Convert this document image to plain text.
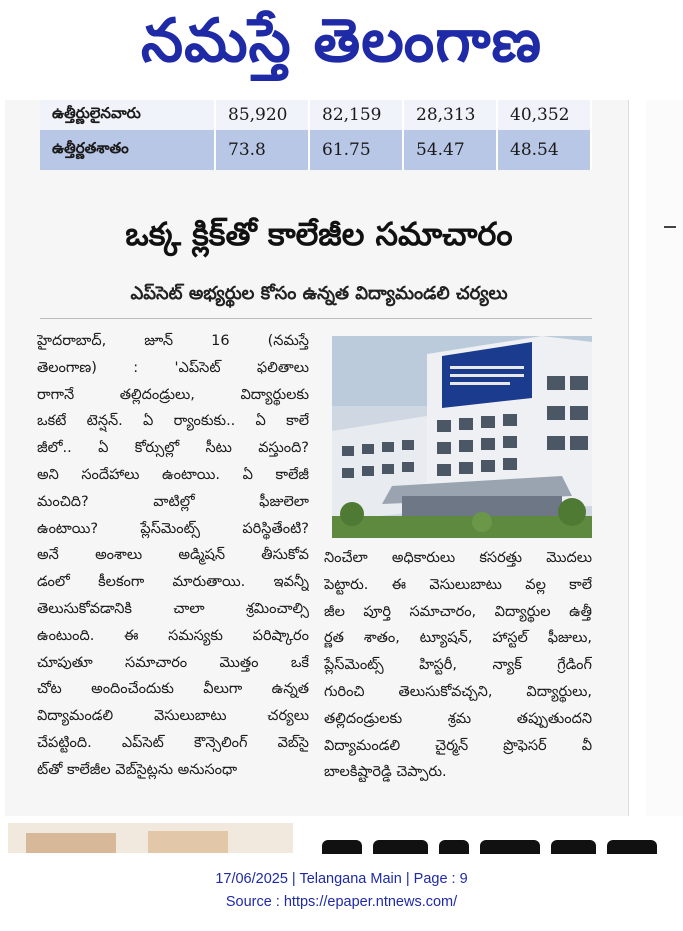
నమస్తే తెలంగాణ
ఉత్తీర్ణులైనవారు	85,920	82,159	28,313	40,352
ఉత్తీర్ణతశాతం	73.8	61.75	54.47	48.54
ఒక్క క్లిక్‌తో కాలేజీల సమాచారం
ఎప్‌సెట్ అభ్యర్థుల కోసం ఉన్నత విద్యామండలి చర్యలు

హైదరాబాద్, జూన్ 16 (నమస్తే

తెలంగాణ) : 'ఎప్‌సెట్ ఫలితాలు

రాగానే తల్లిదండ్రులు, విద్యార్థులకు

ఒకటే టెన్షన్. ఏ ర్యాంకుకు.. ఏ కాలే

జీలో.. ఏ కోర్సుల్లో సీటు వస్తుంది?

అని సందేహాలు ఉంటాయి. ఏ కాలేజీ

మంచిది? వాటిల్లో ఫీజులెలా

ఉంటాయి? ప్లేస్‌మెంట్స్ పరిస్థితేంటి?

అనే అంశాలు అడ్మిషన్ తీసుకోవ

డంలో కీలకంగా మారుతాయి. ఇవన్నీ

తెలుసుకోవడానికి చాలా శ్రమించాల్సి

ఉంటుంది. ఈ సమస్యకు పరిష్కారం

చూపుతూ సమాచారం మొత్తం ఒకే

చోట అందించేందుకు వీలుగా ఉన్నత

విద్యామండలి వెసులుబాటు చర్యలు

చేపట్టింది. ఎప్‌సెట్ కౌన్సెలింగ్ వెబ్‌సై

ట్‌తో కాలేజీల వెబ్‌సైట్లను అనుసంధా

నించేలా అధికారులు కసరత్తు మొదలు

పెట్టారు. ఈ వెసులుబాటు వల్ల కాలే

జీల పూర్తి సమాచారం, విద్యార్థుల ఉత్తీ

ర్ణత శాతం, ట్యూషన్, హాస్టల్ ఫీజులు,

ప్లేస్‌మెంట్స్ హిస్టరీ, న్యాక్ గ్రేడింగ్

గురించి తెలుసుకోవచ్చని, విద్యార్థులు,

తల్లిదండ్రులకు శ్రమ తప్పుతుందని

విద్యామండలి చైర్మన్ ప్రొఫెసర్ వీ

బాలకిష్టారెడ్డి చెప్పారు.

17/06/2025 | Telangana Main | Page : 9
Source : https://epaper.ntnews.com/
